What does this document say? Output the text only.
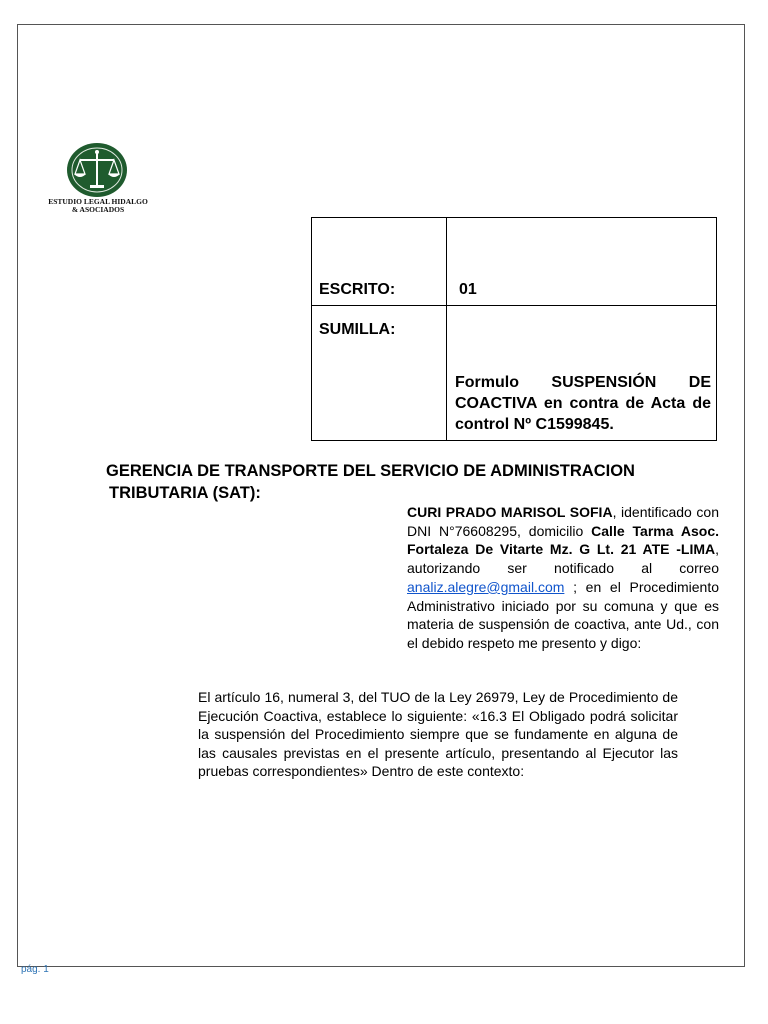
ESTUDIO LEGAL HIDALGO
& ASOCIADOS
ESCRITO:	01

SUMILLA:	Formulo SUSPENSIÓN DE COACTIVA en contra de Acta de control Nº C1599845.
GERENCIA DE TRANSPORTE DEL SERVICIO DE ADMINISTRACION
TRIBUTARIA (SAT):
CURI PRADO MARISOL SOFIA, identificado con DNI N°76608295, domicilio Calle Tarma Asoc. Fortaleza De Vitarte Mz. G Lt. 21 ATE -LIMA, autorizando ser notificado al correo analiz.alegre@gmail.com ; en el Procedimiento Administrativo iniciado por su comuna y que es materia de suspensión de coactiva, ante Ud., con el debido respeto me presento y digo:
El artículo 16, numeral 3, del TUO de la Ley 26979, Ley de Procedimiento de Ejecución Coactiva, establece lo siguiente: «16.3 El Obligado podrá solicitar la suspensión del Procedimiento siempre que se fundamente en alguna de las causales previstas en el presente artículo, presentando al Ejecutor las pruebas correspondientes» Dentro de este contexto:
pág. 1
